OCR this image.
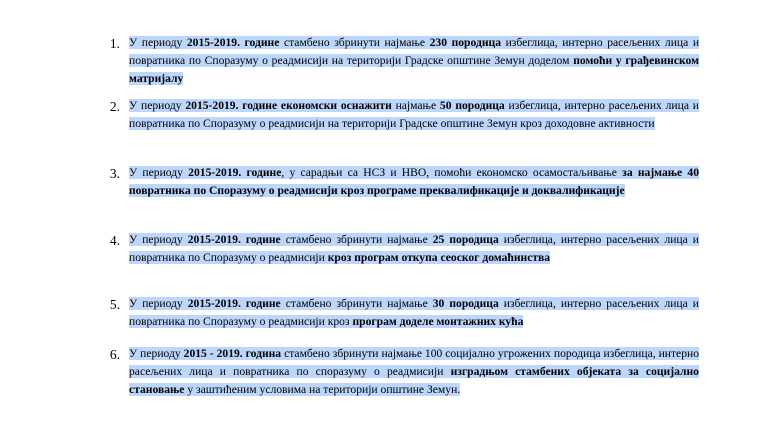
1. У периоду 2015-2019. године стамбено збринути најмање 230 породица избеглица, интерно расељених лица и повратника по Споразуму о реадмисији на територији Градске општине Земун доделом помоћи у грађевинском матријалу
2. У периоду 2015-2019. године економски оснажити најмање 50 породица избеглица, интерно расељених лица и повратника по Споразуму о реадмисији на територији Градске општине Земун кроз доходовне активности
3. У периоду 2015-2019. године, у сарадњи са НСЗ и НВО, помоћи економско осамостаљивање за најмање 40 повратника по Споразуму о реадмисији кроз програме преквалификације и доквалификације
4. У периоду 2015-2019. године стамбено збринути најмање 25 породица избеглица, интерно расељених лица и повратника по Споразуму о реадмисији кроз програм откупа сеоског домаћинства
5. У периоду 2015-2019. године стамбено збринути најмање 30 породица избеглица, интерно расељених лица и повратника по Споразуму о реадмисији кроз програм доделе монтажних кућа
6. У периоду 2015 - 2019. година стамбено збринути најмање 100 социјално угрожених породица избеглица, интерно расељених лица и повратника по споразуму о реадмисији изградњом стамбених објеката за социјално становање у заштићеним условима на територији општине Земун.
